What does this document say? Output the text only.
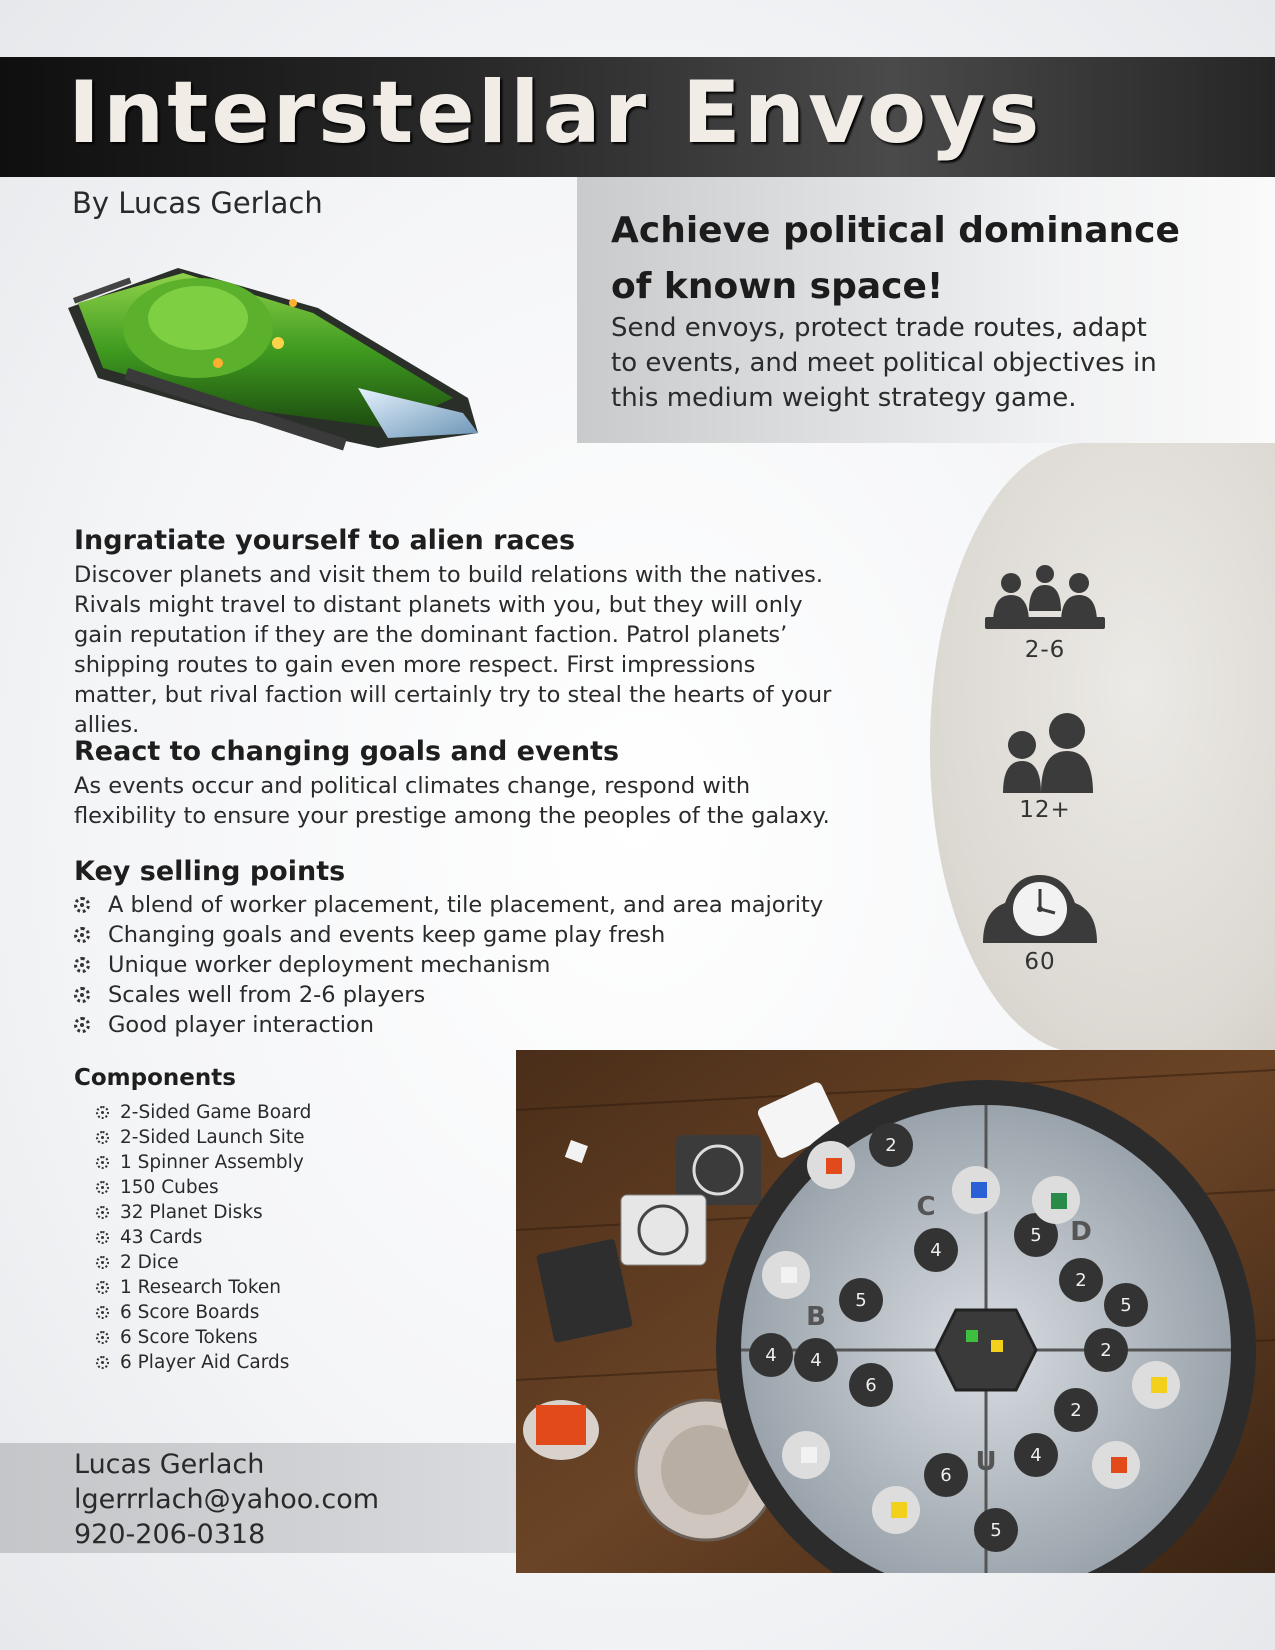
Interstellar Envoys
By Lucas Gerlach
Achieve political dominance of known space!

Send envoys, protect trade routes, adapt to events, and meet political objectives in this medium weight strategy game.

2-6
12+
60
Ingratiate yourself to alien races
Discover planets and visit them to build relations with the natives. Rivals might travel to distant planets with you, but they will only gain reputation if they are the dominant faction. Patrol planets’ shipping routes to gain even more respect. First impressions matter, but rival faction will certainly try to steal the hearts of your allies.
React to changing goals and events
As events occur and political climates change, respond with flexibility to ensure your prestige among the peoples of the galaxy.
Key selling points
A blend of worker placement, tile placement, and area majority
Changing goals and events keep game play fresh
Unique worker deployment mechanism
Scales well from 2-6 players
Good player interaction
Components
2-Sided Game Board
2-Sided Launch Site
1 Spinner Assembly
150 Cubes
32 Planet Disks
43 Cards
2 Dice
1 Research Token
6 Score Boards
6 Score Tokens
6 Player Aid Cards
Lucas Gerlach
lgerrrlach@yahoo.com
920-206-0318
2
4
5
6
4
5
2
5
2
4
6
5
4
2
C
D
B
U
